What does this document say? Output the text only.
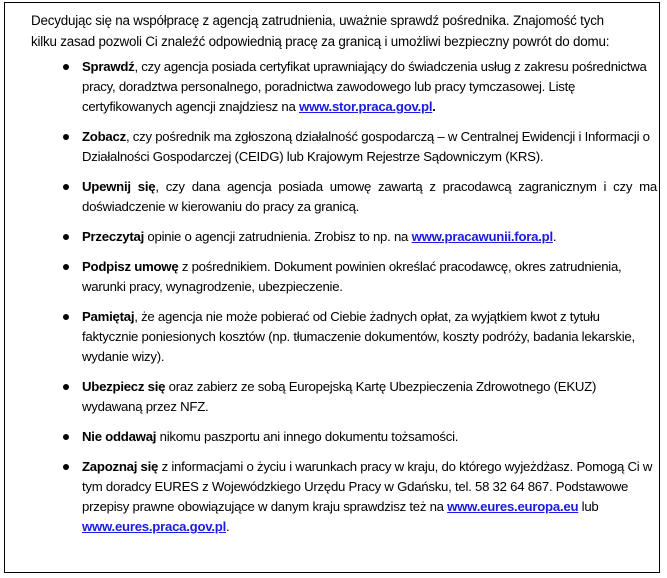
Decydując się na współpracę z agencją zatrudnienia, uważnie sprawdź pośrednika. Znajomość tych kilku zasad pozwoli Ci znaleźć odpowiednią pracę za granicą i umożliwi bezpieczny powrót do domu:
Sprawdź, czy agencja posiada certyfikat uprawniający do świadczenia usług z zakresu pośrednictwa pracy, doradztwa personalnego, poradnictwa zawodowego lub pracy tymczasowej. Listę certyfikowanych agencji znajdziesz na www.stor.praca.gov.pl.
Zobacz, czy pośrednik ma zgłoszoną działalność gospodarczą – w Centralnej Ewidencji i Informacji o Działalności Gospodarczej (CEIDG) lub Krajowym Rejestrze Sądowniczym (KRS).
Upewnij się, czy dana agencja posiada umowę zawartą z pracodawcą zagranicznym i czy ma doświadczenie w kierowaniu do pracy za granicą.
Przeczytaj opinie o agencji zatrudnienia. Zrobisz to np. na www.pracawunii.fora.pl.
Podpisz umowę z pośrednikiem. Dokument powinien określać pracodawcę, okres zatrudnienia, warunki pracy, wynagrodzenie, ubezpieczenie.
Pamiętaj, że agencja nie może pobierać od Ciebie żadnych opłat, za wyjątkiem kwot z tytułu faktycznie poniesionych kosztów (np. tłumaczenie dokumentów, koszty podróży, badania lekarskie, wydanie wizy).
Ubezpiecz się oraz zabierz ze sobą Europejską Kartę Ubezpieczenia Zdrowotnego (EKUZ) wydawaną przez NFZ.
Nie oddawaj nikomu paszportu ani innego dokumentu tożsamości.
Zapoznaj się z informacjami o życiu i warunkach pracy w kraju, do którego wyjeżdżasz. Pomogą Ci w tym doradcy EURES z Wojewódzkiego Urzędu Pracy w Gdańsku, tel. 58 32 64 867. Podstawowe przepisy prawne obowiązujące w danym kraju sprawdzisz też na www.eures.europa.eu lub www.eures.praca.gov.pl.
